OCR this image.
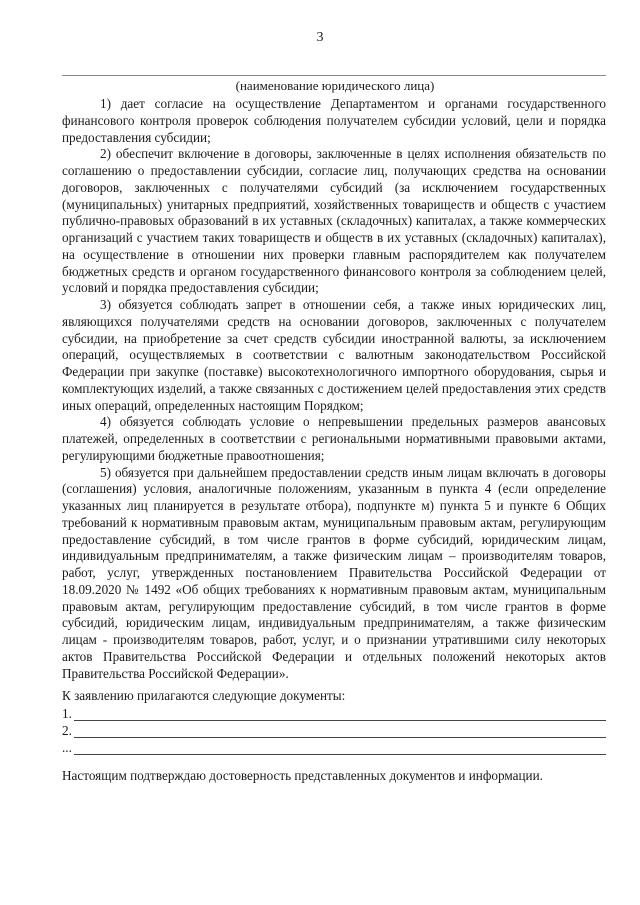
3
(наименование юридического лица)

1) дает согласие на осуществление Департаментом и органами государственного финансового контроля проверок соблюдения получателем субсидии условий, цели и порядка предоставления субсидии;

2) обеспечит включение в договоры, заключенные в целях исполнения обязательств по соглашению о предоставлении субсидии, согласие лиц, получающих средства на основании договоров, заключенных с получателями субсидий (за исключением государственных (муниципальных) унитарных предприятий, хозяйственных товариществ и обществ с участием публично-правовых образований в их уставных (складочных) капиталах, а также коммерческих организаций с участием таких товариществ и обществ в их уставных (складочных) капиталах), на осуществление в отношении них проверки главным распорядителем как получателем бюджетных средств и органом государственного финансового контроля за соблюдением целей, условий и порядка предоставления субсидии;

3) обязуется соблюдать запрет в отношении себя, а также иных юридических лиц, являющихся получателями средств на основании договоров, заключенных с получателем субсидии, на приобретение за счет средств субсидии иностранной валюты, за исключением операций, осуществляемых в соответствии с валютным законодательством Российской Федерации при закупке (поставке) высокотехнологичного импортного оборудования, сырья и комплектующих изделий, а также связанных с достижением целей предоставления этих средств иных операций, определенных настоящим Порядком;

4) обязуется соблюдать условие о непревышении предельных размеров авансовых платежей, определенных в соответствии с региональными нормативными правовыми актами, регулирующими бюджетные правоотношения;

5) обязуется при дальнейшем предоставлении средств иным лицам включать в договоры (соглашения) условия, аналогичные положениям, указанным в пункта 4 (если определение указанных лиц планируется в результате отбора), подпункте м) пункта 5 и пункте 6 Общих требований к нормативным правовым актам, муниципальным правовым актам, регулирующим предоставление субсидий, в том числе грантов в форме субсидий, юридическим лицам, индивидуальным предпринимателям, а также физическим лицам – производителям товаров, работ, услуг, утвержденных постановлением Правительства Российской Федерации от 18.09.2020 № 1492 «Об общих требованиях к нормативным правовым актам, муниципальным правовым актам, регулирующим предоставление субсидий, в том числе грантов в форме субсидий, юридическим лицам, индивидуальным предпринимателям, а также физическим лицам - производителям товаров, работ, услуг, и о признании утратившими силу некоторых актов Правительства Российской Федерации и отдельных положений некоторых актов Правительства Российской Федерации».

К заявлению прилагаются следующие документы:

1.
2.
...

Настоящим подтверждаю достоверность представленных документов и информации.
